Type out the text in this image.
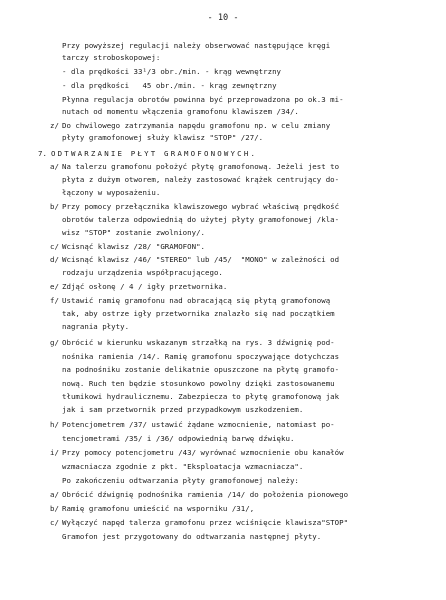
- 10 -
Przy powyższej regulacji należy obserwować następujące kręgi
tarczy stroboskopowej:
- dla prędkości 33¹/3 obr./min. - krąg wewnętrzny
- dla prędkości   45 obr./min. - krąg zewnętrzny
Płynna regulacja obrotów powinna być przeprowadzona po ok.3 mi-
nutach od momentu włączenia gramofonu klawiszem /34/.
z/ Do chwilowego zatrzymania napędu gramofonu np. w celu zmiany
płyty gramofonowej służy klawisz "STOP" /27/.
7. ODTWARZANIE PŁYT GRAMOFONOWYCH.
a/ Na talerzu gramofonu położyć płytę gramofonową. Jeżeli jest to
płyta z dużym otworem, należy zastosować krążek centrujący do-
łączony w wyposażeniu.
b/ Przy pomocy przełącznika klawiszowego wybrać właściwą prędkość
obrotów talerza odpowiednią do użytej płyty gramofonowej /kla-
wisz "STOP" zostanie zwolniony/.
c/ Wcisnąć klawisz /28/ "GRAMOFON".
d/ Wcisnąć klawisz /46/ "STEREO" lub /45/  "MONO" w zależności od
rodzaju urządzenia współpracującego.
e/ Zdjąć osłonę / 4 / igły przetwornika.
f/ Ustawić ramię gramofonu nad obracającą się płytą gramofonową
tak, aby ostrze igły przetwornika znalazło się nad początkiem
nagrania płyty.
g/ Obrócić w kierunku wskazanym strzałką na rys. 3 dźwignię pod-
nośnika ramienia /14/. Ramię gramofonu spoczywające dotychczas
na podnośniku zostanie delikatnie opuszczone na płytę gramofo-
nową. Ruch ten będzie stosunkowo powolny dzięki zastosowanemu
tłumikowi hydraulicznemu. Zabezpiecza to płytę gramofonową jak
jak i sam przetwornik przed przypadkowym uszkodzeniem.
h/ Potencjometrem /37/ ustawić żądane wzmocnienie, natomiast po-
tencjometrami /35/ i /36/ odpowiednią barwę dźwięku.
i/ Przy pomocy potencjometru /43/ wyrównać wzmocnienie obu kanałów
wzmacniacza zgodnie z pkt. "Eksploatacja wzmacniacza".
Po zakończeniu odtwarzania płyty gramofonowej należy:
a/ Obrócić dźwignię podnośnika ramienia /14/ do położenia pionowego
b/ Ramię gramofonu umieścić na wsporniku /31/,
c/ Wyłączyć napęd talerza gramofonu przez wciśnięcie klawisza"STOP"
Gramofon jest przygotowany do odtwarzania następnej płyty.
